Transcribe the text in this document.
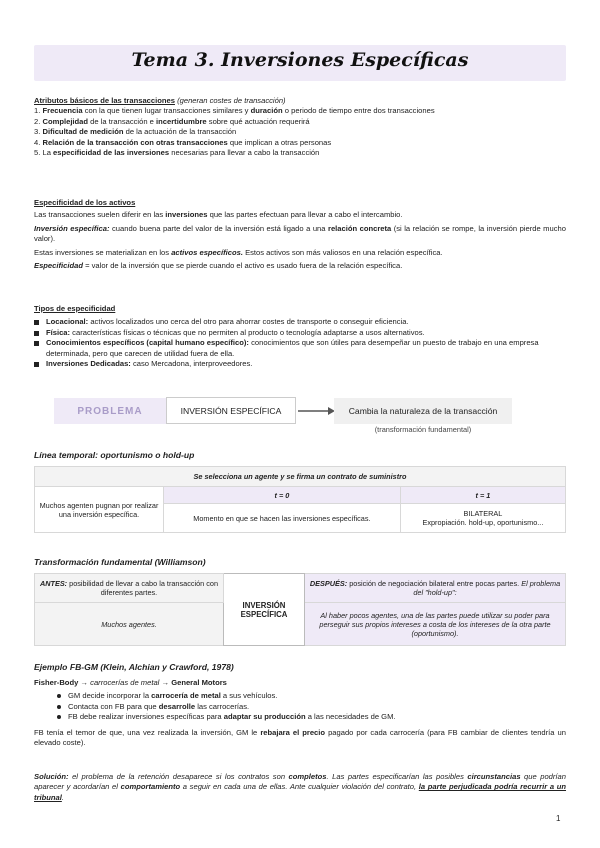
Tema 3. Inversiones Específicas
Atributos básicos de las transacciones (generan costes de transacción)
1. Frecuencia con la que tienen lugar transacciones similares y duración o periodo de tiempo entre dos transacciones
2. Complejidad de la transacción e incertidumbre sobre qué actuación requerirá
3. Dificultad de medición de la actuación de la transacción
4. Relación de la transacción con otras transacciones que implican a otras personas
5. La especificidad de las inversiones necesarias para llevar a cabo la transacción
Especificidad de los activos
Las transacciones suelen diferir en las inversiones que las partes efectuan para llevar a cabo el intercambio.
Inversión específica: cuando buena parte del valor de la inversión está ligado a una relación concreta (si la relación se rompe, la inversión pierde mucho valor).
Estas inversiones se materializan en los activos específicos. Estos activos son más valiosos en una relación específica.
Especificidad = valor de la inversión que se pierde cuando el activo es usado fuera de la relación específica.
Tipos de especificidad
Locacional: activos localizados uno cerca del otro para ahorrar costes de transporte o conseguir eficiencia.
Física: características físicas o técnicas que no permiten al producto o tecnología adaptarse a usos alternativos.
Conocimientos específicos (capital humano específico): conocimientos que son útiles para desempeñar un puesto de trabajo en una empresa determinada, pero que carecen de utilidad fuera de ella.
Inversiones Dedicadas: caso Mercadona, interproveedores.
PROBLEMA	INVERSIÓN ESPECÍFICA	Cambia la naturaleza de la transacción
(transformación fundamental)
Línea temporal: oportunismo o hold-up
Se selecciona un agente y se firma un contrato de suministro		
Muchos agenten pugnan por realizar una inversión específica.	t = 0	t = 1
	Momento en que se hacen las inversiones específicas.	BILATERAL
Expropiación. hold-up, oportunismo...
Transformación fundamental (Williamson)
ANTES: posibilidad de llevar a cabo la transacción con diferentes partes.	INVERSIÓN ESPECÍFICA	DESPUÉS: posición de negociación bilateral entre pocas partes. El problema del "hold-up":
Muchos agentes.		Al haber pocos agentes, una de las partes puede utilizar su poder para perseguir sus propios intereses a costa de los intereses de la otra parte (oportunismo).
Ejemplo FB-GM (Klein, Alchian y Crawford, 1978)
Fisher-Body → carrocerías de metal → General Motors
GM decide incorporar la carrocería de metal a sus vehículos.
Contacta con FB para que desarrolle las carrocerías.
FB debe realizar inversiones específicas para adaptar su producción a las necesidades de GM.
FB tenía el temor de que, una vez realizada la inversión, GM le rebajara el precio pagado por cada carrocería (para FB cambiar de clientes tendría un elevado coste).
Solución: el problema de la retención desaparece si los contratos son completos. Las partes especificarían las posibles circunstancias que podrían aparecer y acordarían el comportamiento a seguir en cada una de ellas. Ante cualquier violación del contrato, la parte perjudicada podría recurrir a un tribunal.
1
